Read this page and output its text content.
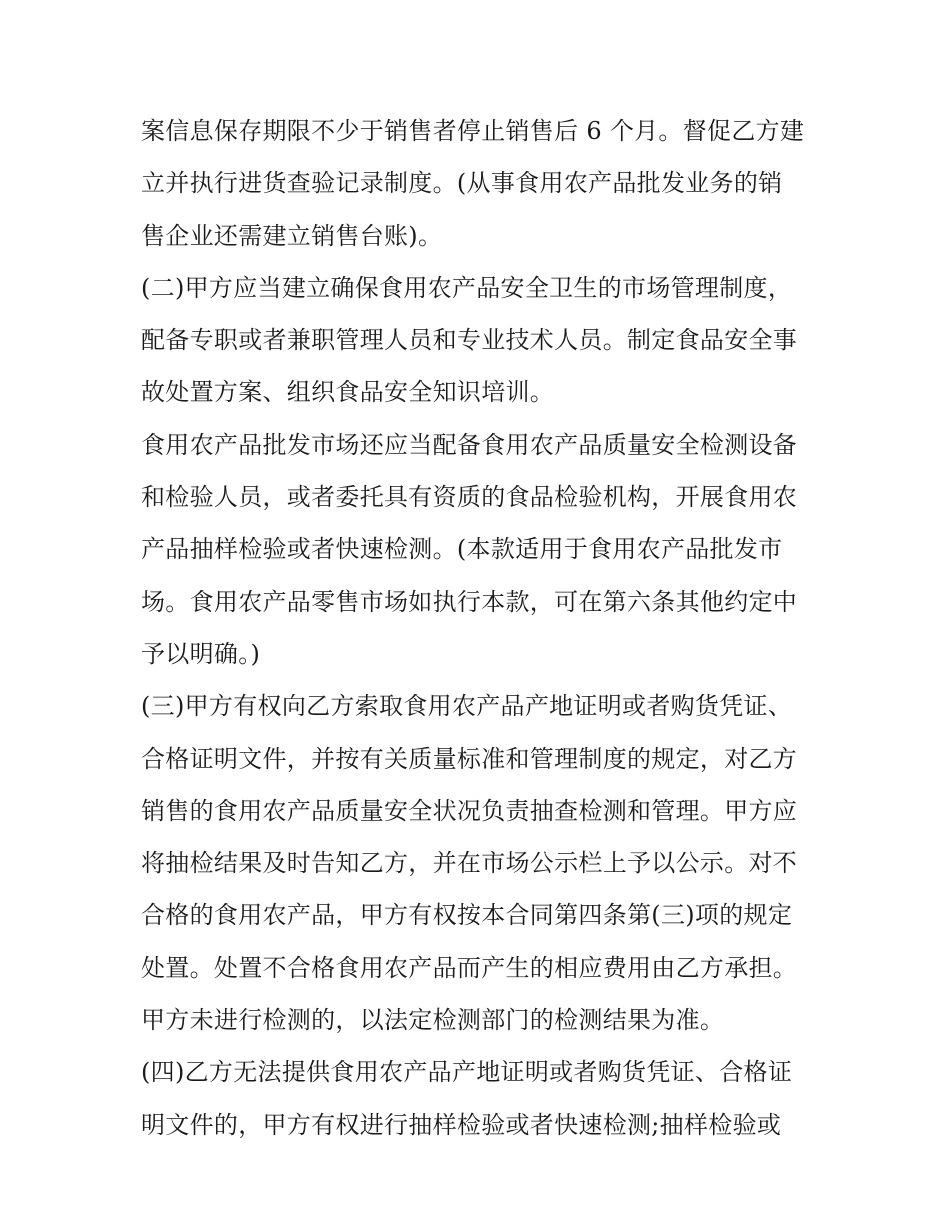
案信息保存期限不少于销售者停止销售后 6 个月。督促乙方建
立并执行进货查验记录制度。(从事食用农产品批发业务的销
售企业还需建立销售台账)。
(二)甲方应当建立确保食用农产品安全卫生的市场管理制度，
配备专职或者兼职管理人员和专业技术人员。制定食品安全事
故处置方案、组织食品安全知识培训。
食用农产品批发市场还应当配备食用农产品质量安全检测设备
和检验人员，或者委托具有资质的食品检验机构，开展食用农
产品抽样检验或者快速检测。(本款适用于食用农产品批发市
场。食用农产品零售市场如执行本款，可在第六条其他约定中
予以明确。)
(三)甲方有权向乙方索取食用农产品产地证明或者购货凭证、
合格证明文件，并按有关质量标准和管理制度的规定，对乙方
销售的食用农产品质量安全状况负责抽查检测和管理。甲方应
将抽检结果及时告知乙方，并在市场公示栏上予以公示。对不
合格的食用农产品，甲方有权按本合同第四条第(三)项的规定
处置。处置不合格食用农产品而产生的相应费用由乙方承担。
甲方未进行检测的，以法定检测部门的检测结果为准。
(四)乙方无法提供食用农产品产地证明或者购货凭证、合格证
明文件的，甲方有权进行抽样检验或者快速检测;抽样检验或
